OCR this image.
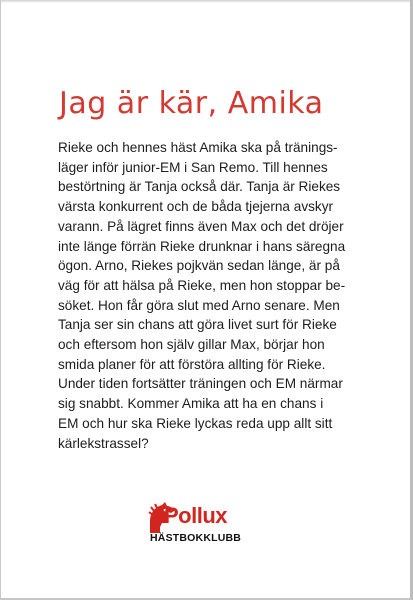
Jag är kär, Amika

Rieke och hennes häst Amika ska på tränings-
läger inför junior-EM i San Remo. Till hennes
bestörtning är Tanja också där. Tanja är Riekes
värsta konkurrent och de båda tjejerna avskyr
varann. På lägret finns även Max och det dröjer
inte länge förrän Rieke drunknar i hans säregna
ögon. Arno, Riekes pojkvän sedan länge, är på
väg för att hälsa på Rieke, men hon stoppar be-
söket. Hon får göra slut med Arno senare. Men
Tanja ser sin chans att göra livet surt för Rieke
och eftersom hon själv gillar Max, börjar hon
smida planer för att förstöra allting för Rieke.
Under tiden fortsätter träningen och EM närmar
sig snabbt. Kommer Amika att ha en chans i
EM och hur ska Rieke lyckas reda upp allt sitt
kärlekstrassel?

Pollux
HÄSTBOKKLUBB
